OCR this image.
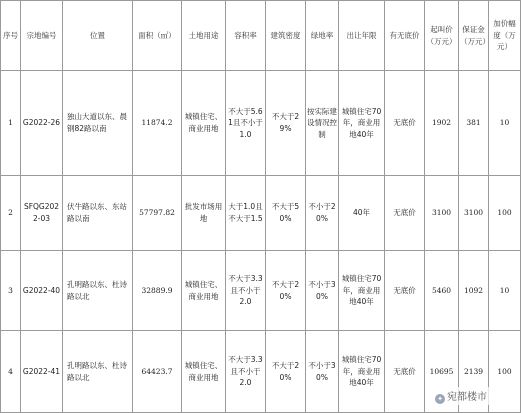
序号	宗地编号	位置	面积（㎡）	土地用途	容积率	建筑密度	绿地率	出让年限	有无底价	起叫价（万元）	保证金（万元）	加价幅度（万元）
1	G2022-26	独山大道以东、晨钢82路以南	11874.2	城镇住宅、商业用地	不大于5.61且不小于1.0	不大于29%	按实际建设情况控制	城镇住宅70年，商业用地40年	无底价	1902	381	10
2	SFQG2022-03	伏牛路以东、东站路以南	57797.82	批发市场用地	大于1.0且不大于1.5	不大于50%	不小于20%	40年	无底价	3100	3100	100
3	G2022-40	孔明路以东、杜诗路以北	32889.9	城镇住宅、商业用地	不大于3.3且不小于2.0	不大于20%	不小于30%	城镇住宅70年，商业用地40年	无底价	5460	1092	10
4	G2022-41	孔明路以东、杜诗路以北	64423.7	城镇住宅、商业用地	不大于3.3且不小于2.0	不大于20%	不小于30%	城镇住宅70年，商业用地40年	无底价	10695	2139	100
✦ 宛都楼市
